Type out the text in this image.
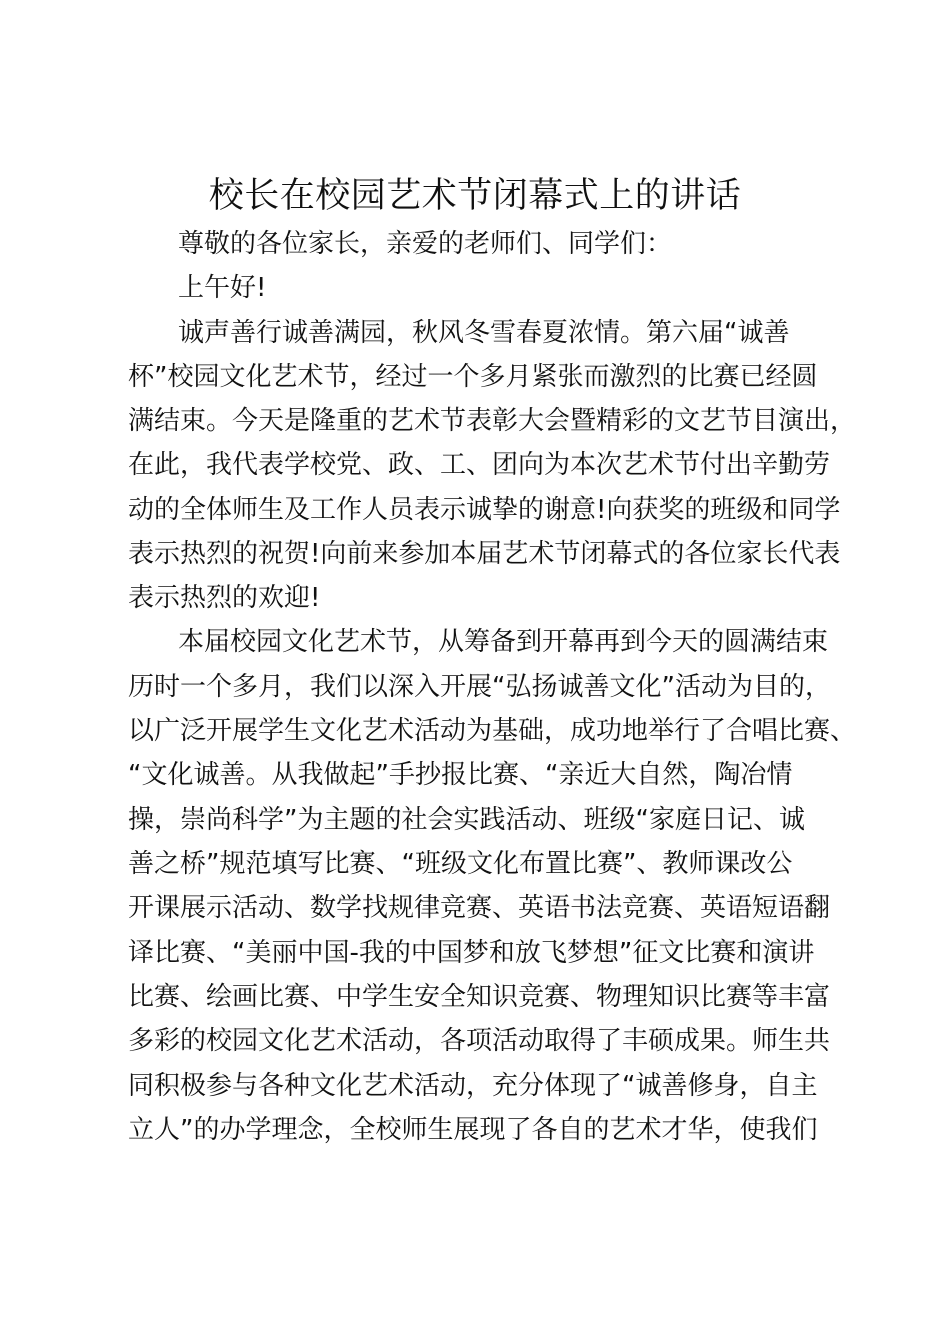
校长在校园艺术节闭幕式上的讲话
尊敬的各位家长，亲爱的老师们、同学们：
上午好!
诚声善行诚善满园，秋风冬雪春夏浓情。第六届“诚善
杯”校园文化艺术节，经过一个多月紧张而激烈的比赛已经圆
满结束。今天是隆重的艺术节表彰大会暨精彩的文艺节目演出，
在此，我代表学校党、政、工、团向为本次艺术节付出辛勤劳
动的全体师生及工作人员表示诚挚的谢意!向获奖的班级和同学
表示热烈的祝贺!向前来参加本届艺术节闭幕式的各位家长代表
表示热烈的欢迎!
本届校园文化艺术节，从筹备到开幕再到今天的圆满结束
历时一个多月，我们以深入开展“弘扬诚善文化”活动为目的，
以广泛开展学生文化艺术活动为基础，成功地举行了合唱比赛、
“文化诚善。从我做起”手抄报比赛、“亲近大自然，陶冶情
操，崇尚科学”为主题的社会实践活动、班级“家庭日记、诚
善之桥”规范填写比赛、“班级文化布置比赛”、教师课改公
开课展示活动、数学找规律竞赛、英语书法竞赛、英语短语翻
译比赛、“美丽中国-我的中国梦和放飞梦想”征文比赛和演讲
比赛、绘画比赛、中学生安全知识竞赛、物理知识比赛等丰富
多彩的校园文化艺术活动，各项活动取得了丰硕成果。师生共
同积极参与各种文化艺术活动，充分体现了“诚善修身，自主
立人”的办学理念，全校师生展现了各自的艺术才华，使我们
